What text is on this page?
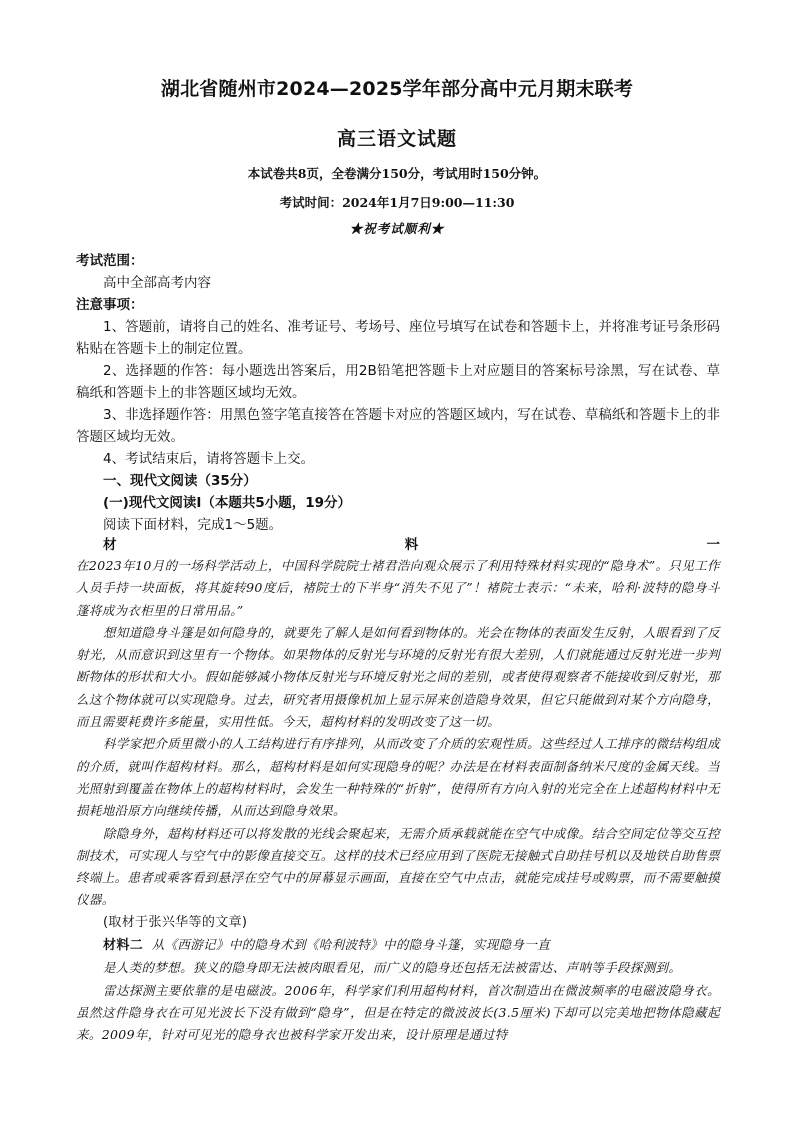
湖北省随州市2024—2025学年部分高中元月期末联考
高三语文试题
本试卷共8页，全卷满分150分，考试用时150分钟。
考试时间：2024年1月7日9:00—11:30
★祝考试顺利★

考试范围：

高中全部高考内容

注意事项：

1、答题前，请将自己的姓名、准考证号、考场号、座位号填写在试卷和答题卡上，并将准考证号条形码粘贴在答题卡上的制定位置。

2、选择题的作答：每小题选出答案后，用2B铅笔把答题卡上对应题目的答案标号涂黑，写在试卷、草稿纸和答题卡上的非答题区域均无效。

3、非选择题作答：用黑色签字笔直接答在答题卡对应的答题区域内，写在试卷、草稿纸和答题卡上的非答题区域均无效。

4、考试结束后，请将答题卡上交。

一、现代文阅读（35分）

(一)现代文阅读Ⅰ（本题共5小题，19分）

阅读下面材料，完成1～5题。

材	料	一

在2023年10月的一场科学活动上，中国科学院院士褚君浩向观众展示了利用特殊材料实现的“隐身术”。只见工作人员手持一块面板，将其旋转90度后，褚院士的下半身“消失不见了”！褚院士表示：“未来，哈利·波特的隐身斗篷将成为衣柜里的日常用品。”

想知道隐身斗篷是如何隐身的，就要先了解人是如何看到物体的。光会在物体的表面发生反射，人眼看到了反射光，从而意识到这里有一个物体。如果物体的反射光与环境的反射光有很大差别，人们就能通过反射光进一步判断物体的形状和大小。假如能够减小物体反射光与环境反射光之间的差别，或者使得观察者不能接收到反射光，那么这个物体就可以实现隐身。过去，研究者用摄像机加上显示屏来创造隐身效果，但它只能做到对某个方向隐身，而且需要耗费许多能量，实用性低。今天，超构材料的发明改变了这一切。

科学家把介质里微小的人工结构进行有序排列，从而改变了介质的宏观性质。这些经过人工排序的微结构组成的介质，就叫作超构材料。那么，超构材料是如何实现隐身的呢？办法是在材料表面制备纳米尺度的金属天线。当光照射到覆盖在物体上的超构材料时，会发生一种特殊的“折射”，使得所有方向入射的光完全在上述超构材料中无损耗地沿原方向继续传播，从而达到隐身效果。

除隐身外，超构材料还可以将发散的光线会聚起来，无需介质承载就能在空气中成像。结合空间定位等交互控制技术，可实现人与空气中的影像直接交互。这样的技术已经应用到了医院无接触式自助挂号机以及地铁自助售票终端上。患者或乘客看到悬浮在空气中的屏幕显示画面，直接在空气中点击，就能完成挂号或购票，而不需要触摸仪器。

(取材于张兴华等的文章)

材料二 从《西游记》中的隐身术到《哈利波特》中的隐身斗篷，实现隐身一直

是人类的梦想。狭义的隐身即无法被肉眼看见，而广义的隐身还包括无法被雷达、声呐等手段探测到。

雷达探测主要依靠的是电磁波。2006年，科学家们利用超构材料，首次制造出在微波频率的电磁波隐身衣。虽然这件隐身衣在可见光波长下没有做到“隐身”，但是在特定的微波波长(3.5厘米)下却可以完美地把物体隐藏起来。2009年，针对可见光的隐身衣也被科学家开发出来，设计原理是通过特
